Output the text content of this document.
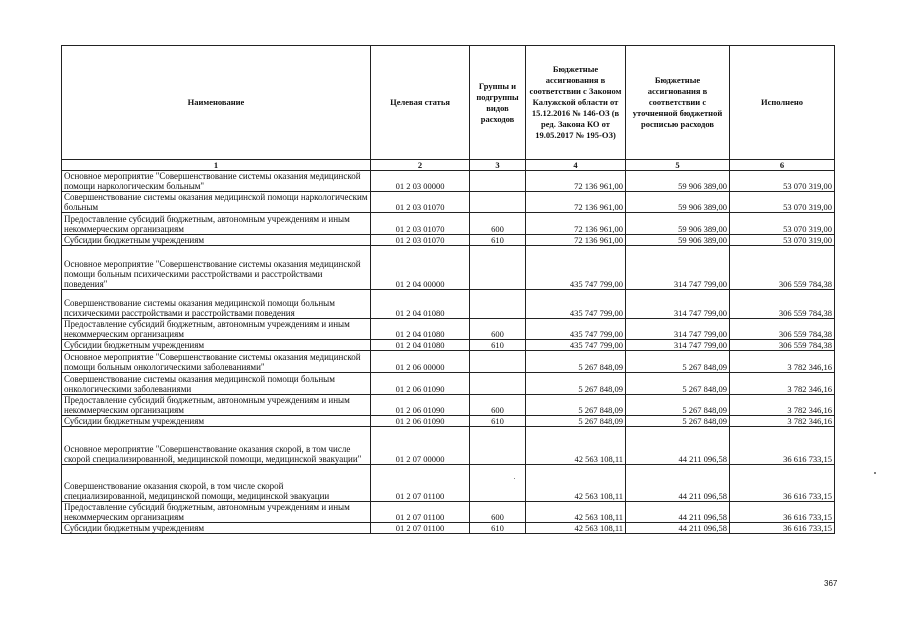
Наименование	Целевая статья	Группы и подгруппы видов расходов	Бюджетные ассигнования в соответствии с Законом Калужской области от 15.12.2016 № 146-ОЗ (в ред. Закона КО от 19.05.2017 № 195-ОЗ)	Бюджетные ассигнования в соответствии с уточненной бюджетной росписью расходов	Исполнено
1	2	3	4	5	6
Основное мероприятие "Совершенствование системы оказания медицинской помощи наркологическим больным"	01 2 03 00000		72 136 961,00	59 906 389,00	53 070 319,00
Совершенствование системы оказания медицинской помощи наркологическим больным	01 2 03 01070		72 136 961,00	59 906 389,00	53 070 319,00
Предоставление субсидий бюджетным, автономным учреждениям и иным некоммерческим организациям	01 2 03 01070	600	72 136 961,00	59 906 389,00	53 070 319,00
Субсидии бюджетным учреждениям	01 2 03 01070	610	72 136 961,00	59 906 389,00	53 070 319,00
Основное мероприятие "Совершенствование системы оказания медицинской помощи больным психическими расстройствами и расстройствами поведения"	01 2 04 00000		435 747 799,00	314 747 799,00	306 559 784,38
Совершенствование системы оказания медицинской помощи больным психическими расстройствами и расстройствами поведения	01 2 04 01080		435 747 799,00	314 747 799,00	306 559 784,38
Предоставление субсидий бюджетным, автономным учреждениям и иным некоммерческим организациям	01 2 04 01080	600	435 747 799,00	314 747 799,00	306 559 784,38
Субсидии бюджетным учреждениям	01 2 04 01080	610	435 747 799,00	314 747 799,00	306 559 784,38
Основное мероприятие "Совершенствование системы оказания медицинской помощи больным онкологическими заболеваниями"	01 2 06 00000		5 267 848,09	5 267 848,09	3 782 346,16
Совершенствование системы оказания медицинской помощи больным онкологическими заболеваниями	01 2 06 01090		5 267 848,09	5 267 848,09	3 782 346,16
Предоставление субсидий бюджетным, автономным учреждениям и иным некоммерческим организациям	01 2 06 01090	600	5 267 848,09	5 267 848,09	3 782 346,16
Субсидии бюджетным учреждениям	01 2 06 01090	610	5 267 848,09	5 267 848,09	3 782 346,16
Основное мероприятие "Совершенствование оказания скорой, в том числе скорой специализированной, медицинской помощи, медицинской эвакуации"	01 2 07 00000		42 563 108,11	44 211 096,58	36 616 733,15
Совершенствование оказания скорой, в том числе скорой специализированной, медицинской помощи, медицинской эвакуации	01 2 07 01100		42 563 108,11	44 211 096,58	36 616 733,15
Предоставление субсидий бюджетным, автономным учреждениям и иным некоммерческим организациям	01 2 07 01100	600	42 563 108,11	44 211 096,58	36 616 733,15
Субсидии бюджетным учреждениям	01 2 07 01100	610	42 563 108,11	44 211 096,58	36 616 733,15
367
